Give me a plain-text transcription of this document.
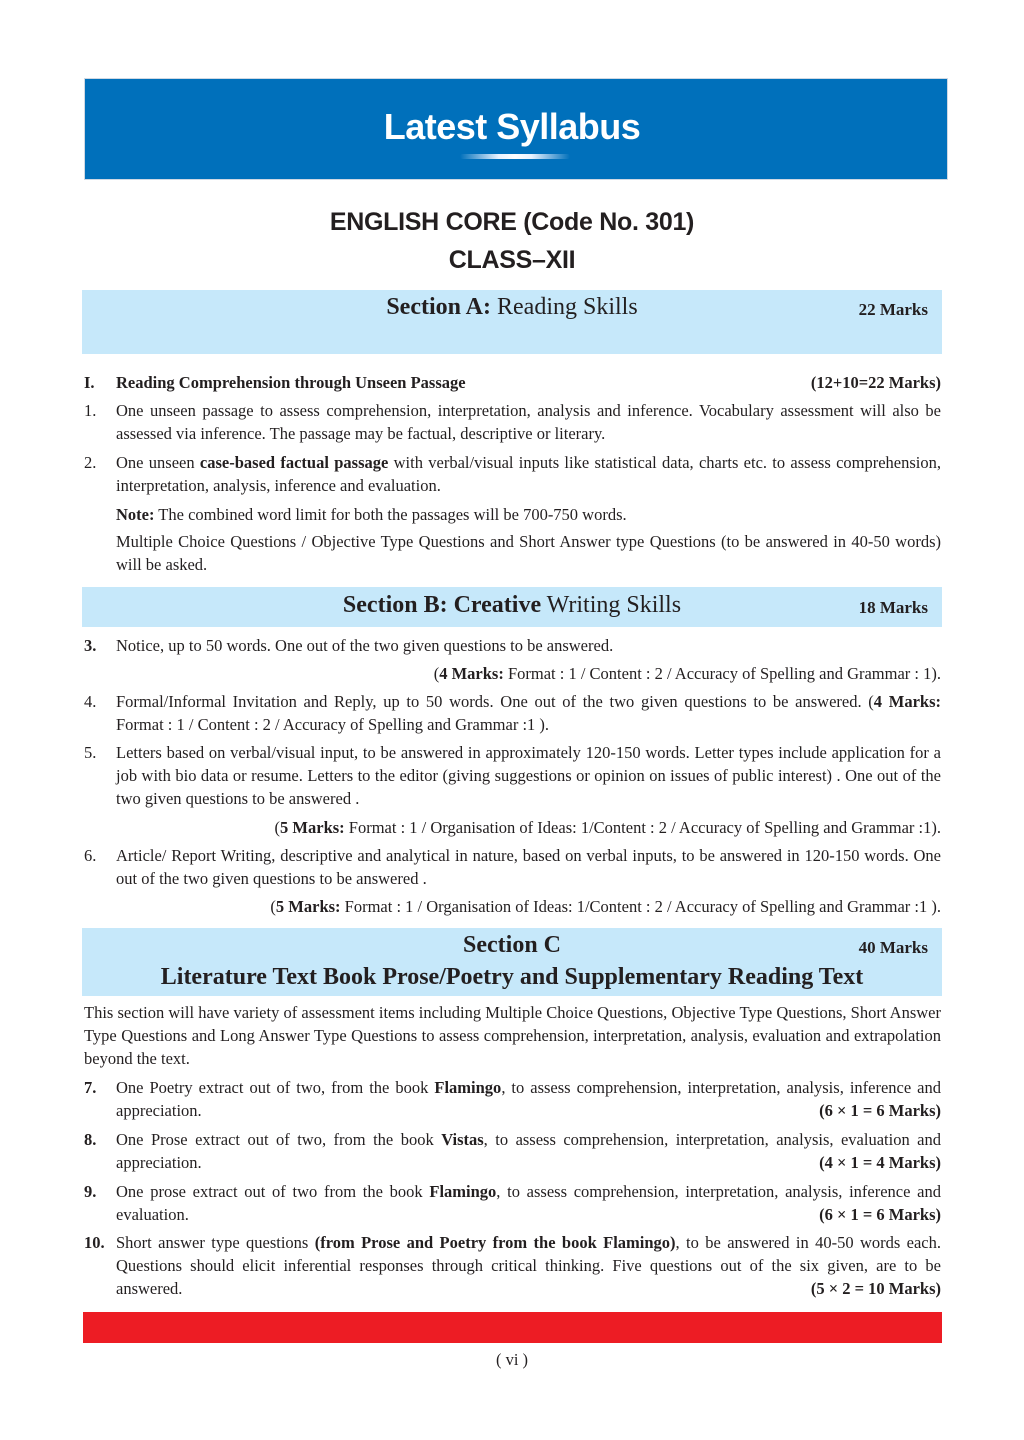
Latest Syllabus
ENGLISH CORE (Code No. 301)
CLASS–XII
Section A: Reading Skills	22 Marks
I. Reading Comprehension through Unseen Passage	(12+10=22 Marks)
1. One unseen passage to assess comprehension, interpretation, analysis and inference. Vocabulary assessment will also be assessed via inference. The passage may be factual, descriptive or literary.
2. One unseen case-based factual passage with verbal/visual inputs like statistical data, charts etc. to assess comprehension, interpretation, analysis, inference and evaluation.
Note: The combined word limit for both the passages will be 700-750 words.
Multiple Choice Questions / Objective Type Questions and Short Answer type Questions (to be answered in 40-50 words) will be asked.
Section B: Creative Writing Skills	18 Marks
3. Notice, up to 50 words. One out of the two given questions to be answered.
(4 Marks: Format : 1 / Content : 2 / Accuracy of Spelling and Grammar : 1).
4. Formal/Informal Invitation and Reply, up to 50 words. One out of the two given questions to be answered. (4 Marks: Format : 1 / Content : 2 / Accuracy of Spelling and Grammar :1 ).
5. Letters based on verbal/visual input, to be answered in approximately 120-150 words. Letter types include application for a job with bio data or resume. Letters to the editor (giving suggestions or opinion on issues of public interest) . One out of the two given questions to be answered .
(5 Marks: Format : 1 / Organisation of Ideas: 1/Content : 2 / Accuracy of Spelling and Grammar :1).
6. Article/ Report Writing, descriptive and analytical in nature, based on verbal inputs, to be answered in 120-150 words. One out of the two given questions to be answered .
(5 Marks: Format : 1 / Organisation of Ideas: 1/Content : 2 / Accuracy of Spelling and Grammar :1 ).
Section C	40 Marks
Literature Text Book Prose/Poetry and Supplementary Reading Text
This section will have variety of assessment items including Multiple Choice Questions, Objective Type Questions, Short Answer Type Questions and Long Answer Type Questions to assess comprehension, interpretation, analysis, evaluation and extrapolation beyond the text.
7. One Poetry extract out of two, from the book Flamingo, to assess comprehension, interpretation, analysis, inference and appreciation.	(6 × 1 = 6 Marks)
8. One Prose extract out of two, from the book Vistas, to assess comprehension, interpretation, analysis, evaluation and appreciation.	(4 × 1 = 4 Marks)
9. One prose extract out of two from the book Flamingo, to assess comprehension, interpretation, analysis, inference and evaluation.	(6 × 1 = 6 Marks)
10. Short answer type questions (from Prose and Poetry from the book Flamingo), to be answered in 40-50 words each. Questions should elicit inferential responses through critical thinking. Five questions out of the six given, are to be answered.	(5 × 2 = 10 Marks)
( vi )
